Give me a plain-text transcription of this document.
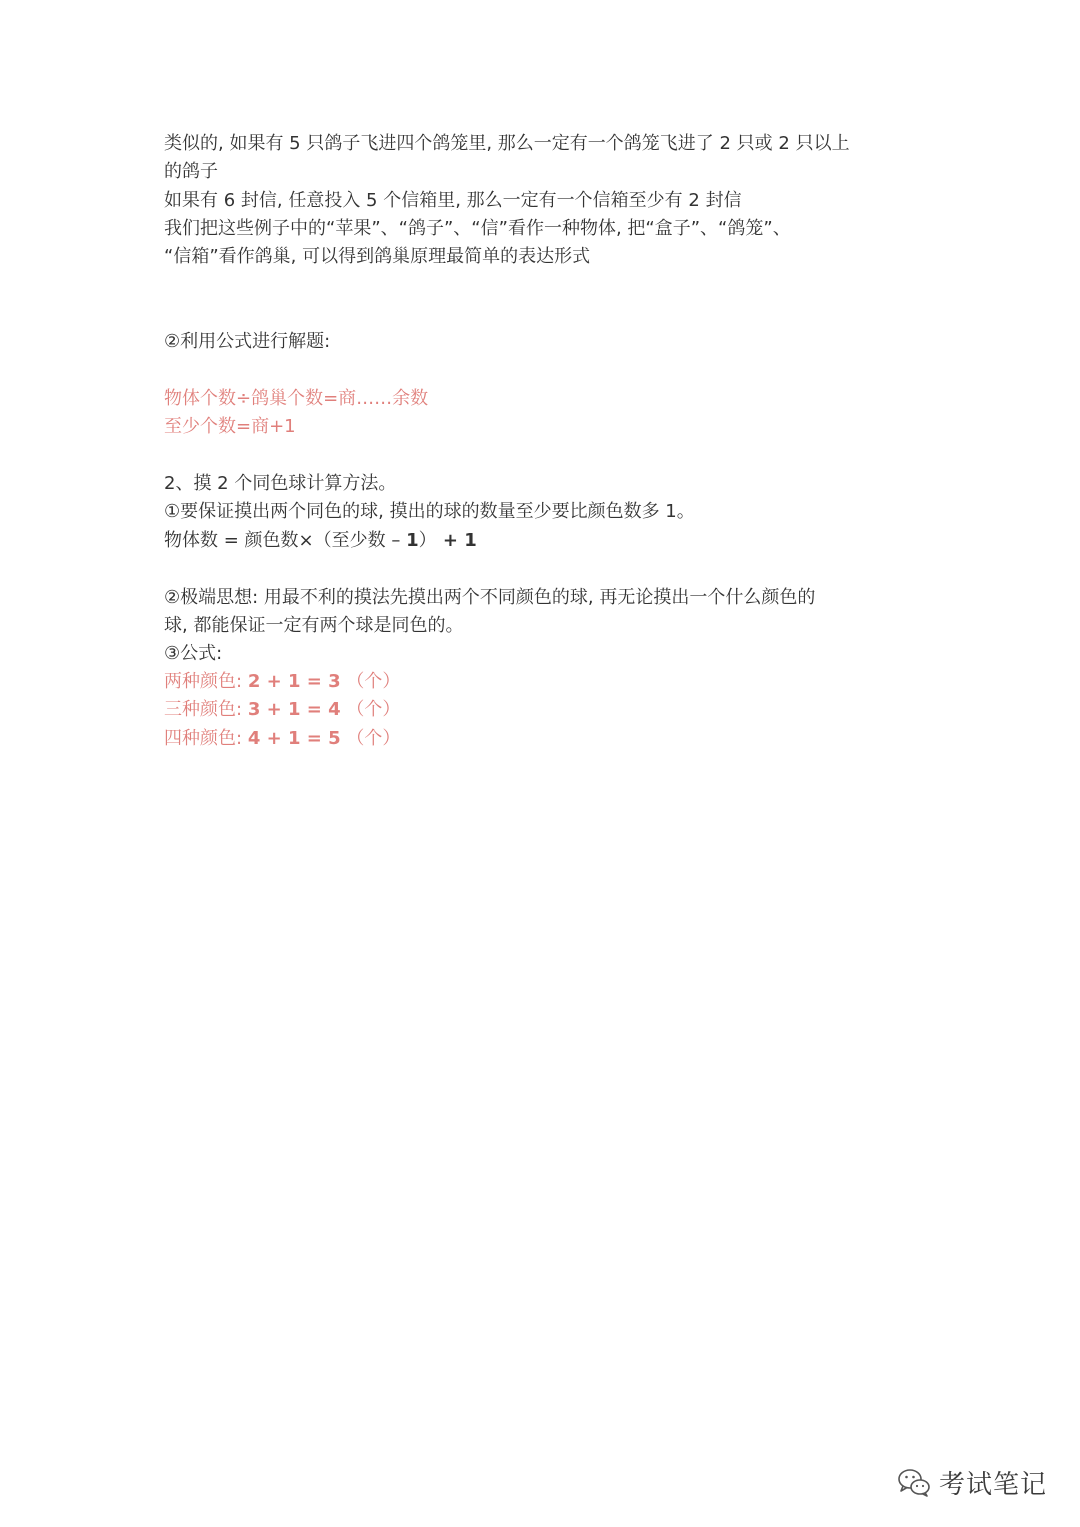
类似的, 如果有 5 只鸽子飞进四个鸽笼里, 那么一定有一个鸽笼飞进了 2 只或 2 只以上
的鸽子
如果有 6 封信, 任意投入 5 个信箱里, 那么一定有一个信箱至少有 2 封信
我们把这些例子中的“苹果”、“鸽子”、“信”看作一种物体, 把“盒子”、“鸽笼”、
“信箱”看作鸽巢, 可以得到鸽巢原理最简单的表达形式
②利用公式进行解题:
物体个数÷鸽巢个数=商……余数
至少个数=商+1
2、摸 2 个同色球计算方法。
①要保证摸出两个同色的球, 摸出的球的数量至少要比颜色数多 1。
物体数 = 颜色数×（至少数 – 1） + 1
②极端思想: 用最不利的摸法先摸出两个不同颜色的球, 再无论摸出一个什么颜色的
球, 都能保证一定有两个球是同色的。
③公式:
两种颜色: 2 + 1 = 3 （个）
三种颜色: 3 + 1 = 4 （个）
四种颜色: 4 + 1 = 5 （个）
考试笔记
